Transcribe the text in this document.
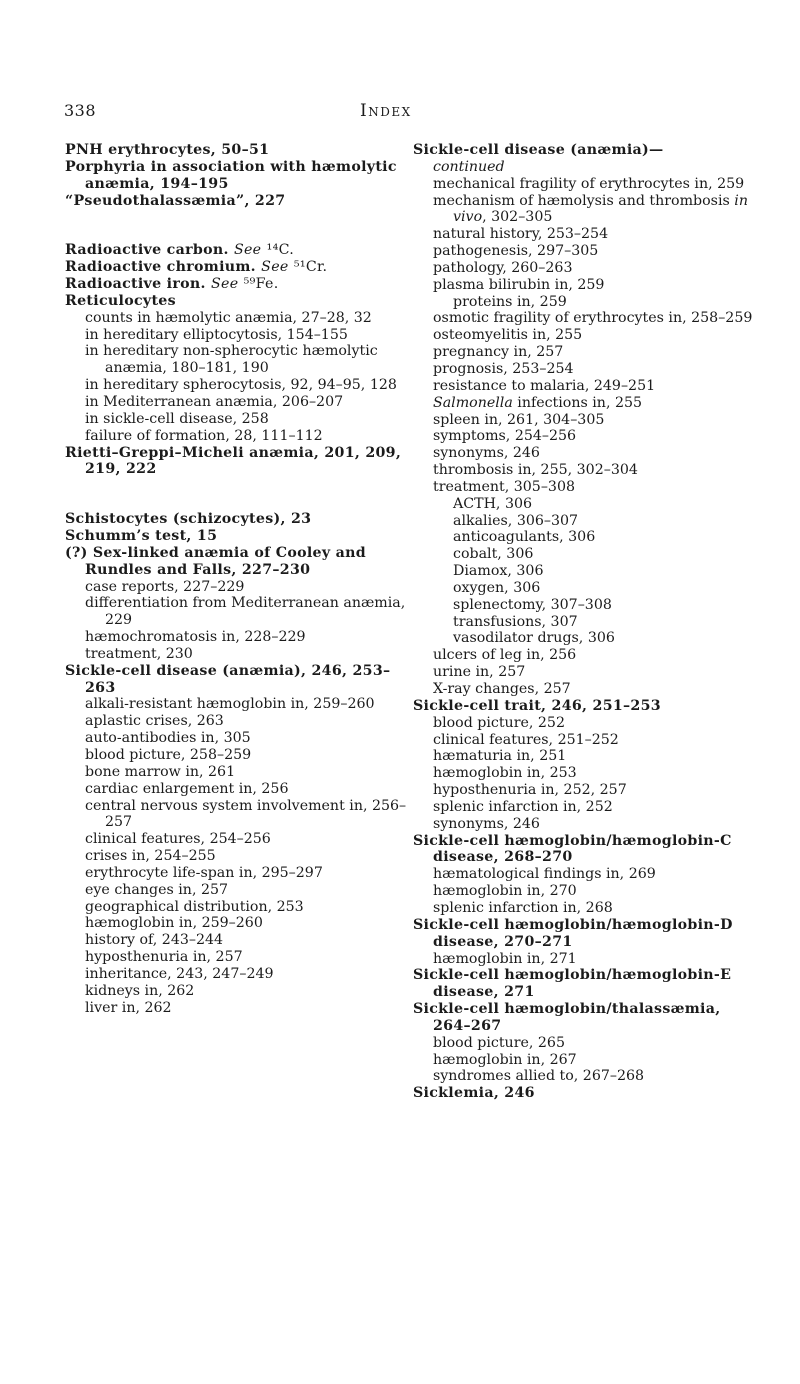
338	Index

PNH erythrocytes, 50–51

Porphyria in association with hæmolytic anæmia, 194–195

“Pseudothalassæmia”, 227

Radioactive carbon. See ¹⁴C.

Radioactive chromium. See ⁵¹Cr.

Radioactive iron. See ⁵⁹Fe.

Reticulocytes

counts in hæmolytic anæmia, 27–28, 32

in hereditary elliptocytosis, 154–155

in hereditary non-spherocytic hæmolytic anæmia, 180–181, 190

in hereditary spherocytosis, 92, 94–95, 128

in Mediterranean anæmia, 206–207

in sickle-cell disease, 258

failure of formation, 28, 111–112

Rietti–Greppi–Micheli anæmia, 201, 209, 219, 222

Schistocytes (schizocytes), 23

Schumm’s test, 15

(?) Sex-linked anæmia of Cooley and Rundles and Falls, 227–230

case reports, 227–229

differentiation from Mediterranean anæmia, 229

hæmochromatosis in, 228–229

treatment, 230

Sickle-cell disease (anæmia), 246, 253–263

alkali-resistant hæmoglobin in, 259–260

aplastic crises, 263

auto-antibodies in, 305

blood picture, 258–259

bone marrow in, 261

cardiac enlargement in, 256

central nervous system involvement in, 256–257

clinical features, 254–256

crises in, 254–255

erythrocyte life-span in, 295–297

eye changes in, 257

geographical distribution, 253

hæmoglobin in, 259–260

history of, 243–244

hyposthenuria in, 257

inheritance, 243, 247–249

kidneys in, 262

liver in, 262

Sickle-cell disease (anæmia)—

continued

mechanical fragility of erythrocytes in, 259

mechanism of hæmolysis and thrombosis in vivo, 302–305

natural history, 253–254

pathogenesis, 297–305

pathology, 260–263

plasma bilirubin in, 259

proteins in, 259

osmotic fragility of erythrocytes in, 258–259

osteomyelitis in, 255

pregnancy in, 257

prognosis, 253–254

resistance to malaria, 249–251

Salmonella infections in, 255

spleen in, 261, 304–305

symptoms, 254–256

synonyms, 246

thrombosis in, 255, 302–304

treatment, 305–308

ACTH, 306

alkalies, 306–307

anticoagulants, 306

cobalt, 306

Diamox, 306

oxygen, 306

splenectomy, 307–308

transfusions, 307

vasodilator drugs, 306

ulcers of leg in, 256

urine in, 257

X-ray changes, 257

Sickle-cell trait, 246, 251–253

blood picture, 252

clinical features, 251–252

hæmaturia in, 251

hæmoglobin in, 253

hyposthenuria in, 252, 257

splenic infarction in, 252

synonyms, 246

Sickle-cell hæmoglobin/hæmoglobin-C disease, 268–270

hæmatological findings in, 269

hæmoglobin in, 270

splenic infarction in, 268

Sickle-cell hæmoglobin/hæmoglobin-D disease, 270–271

hæmoglobin in, 271

Sickle-cell hæmoglobin/hæmoglobin-E disease, 271

Sickle-cell hæmoglobin/thalassæmia, 264–267

blood picture, 265

hæmoglobin in, 267

syndromes allied to, 267–268

Sicklemia, 246
